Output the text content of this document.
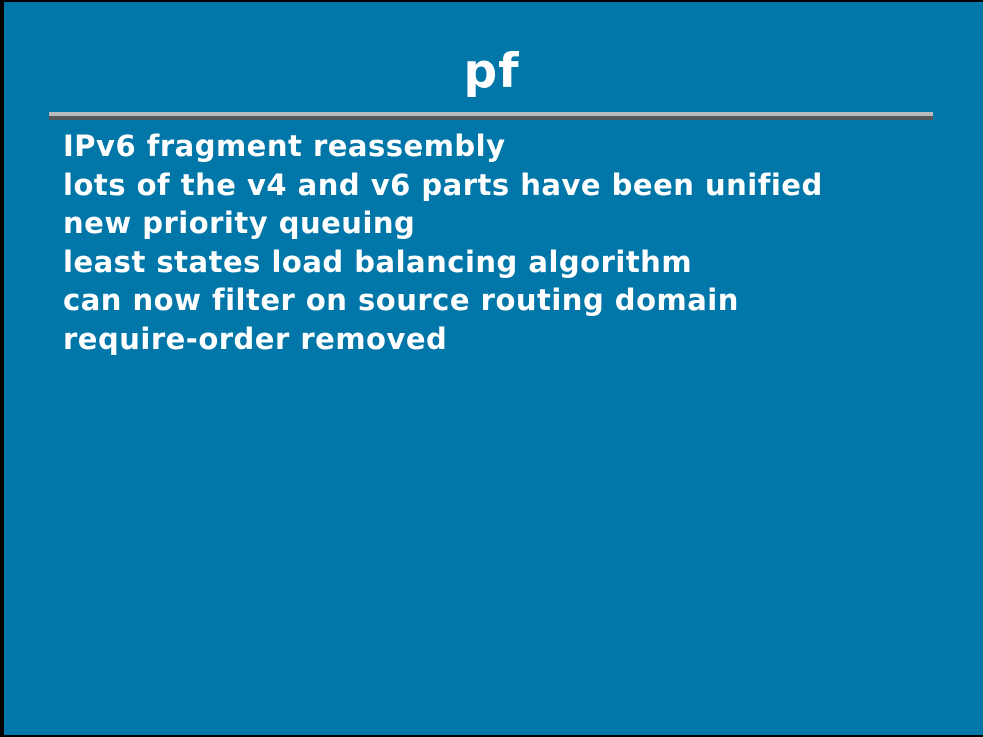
pf
IPv6 fragment reassembly
lots of the v4 and v6 parts have been unified
new priority queuing
least states load balancing algorithm
can now filter on source routing domain
require-order removed
